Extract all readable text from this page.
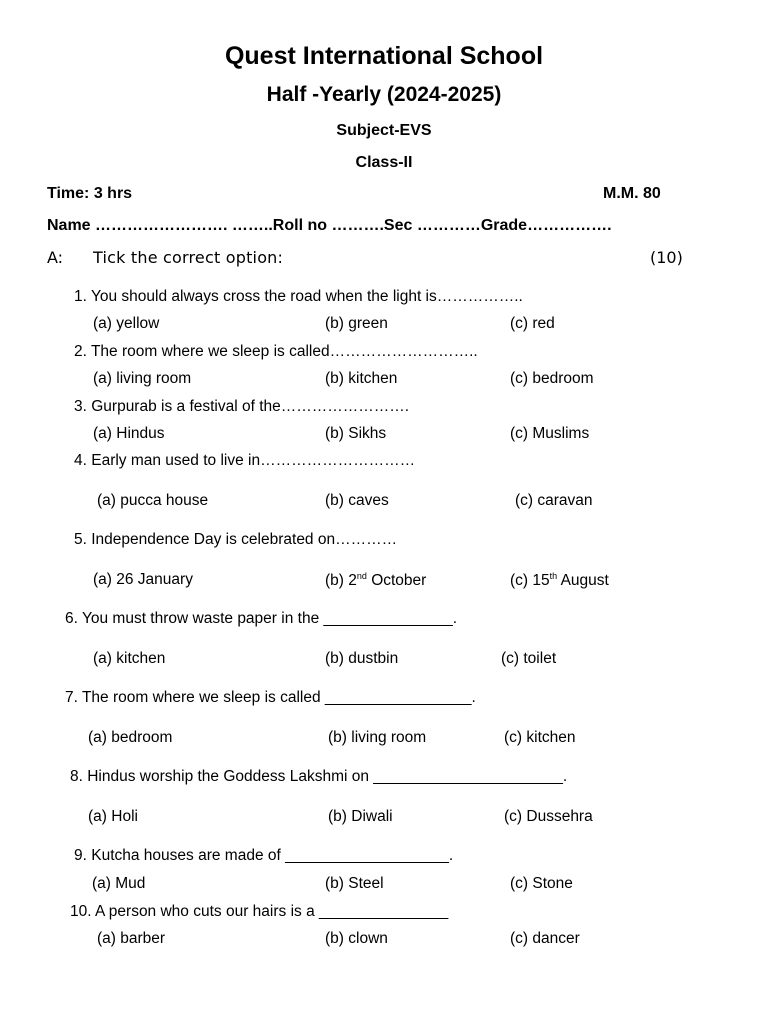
Quest International School
Half -Yearly (2024-2025)
Subject-EVS
Class-II
Time: 3 hrs	M.M. 80
Name ……………………. ……..Roll no ……….Sec …………Grade…………….
A: Tick the correct option:	(10)
1. You should always cross the road when the light is……………..
(a) yellow	(b) green	(c) red
2. The room where we sleep is called………………………..
(a) living room	(b) kitchen	(c) bedroom
3. Gurpurab is a festival of the…………………….
(a) Hindus	(b) Sikhs	(c) Muslims
4. Early man used to live in…………………………
(a) pucca house	(b) caves	(c) caravan
5. Independence Day is celebrated on…………
(a) 26 January	(b) 2nd October	(c) 15th August
6. You must throw waste paper in the _______________.
(a) kitchen	(b) dustbin	(c) toilet
7. The room where we sleep is called _________________.
(a) bedroom	(b) living room	(c) kitchen
8. Hindus worship the Goddess Lakshmi on ______________________.
(a) Holi	(b) Diwali	(c) Dussehra
9. Kutcha houses are made of ___________________.
(a) Mud	(b) Steel	(c) Stone
10. A person who cuts our hairs is a _______________
(a) barber	(b) clown	(c) dancer
